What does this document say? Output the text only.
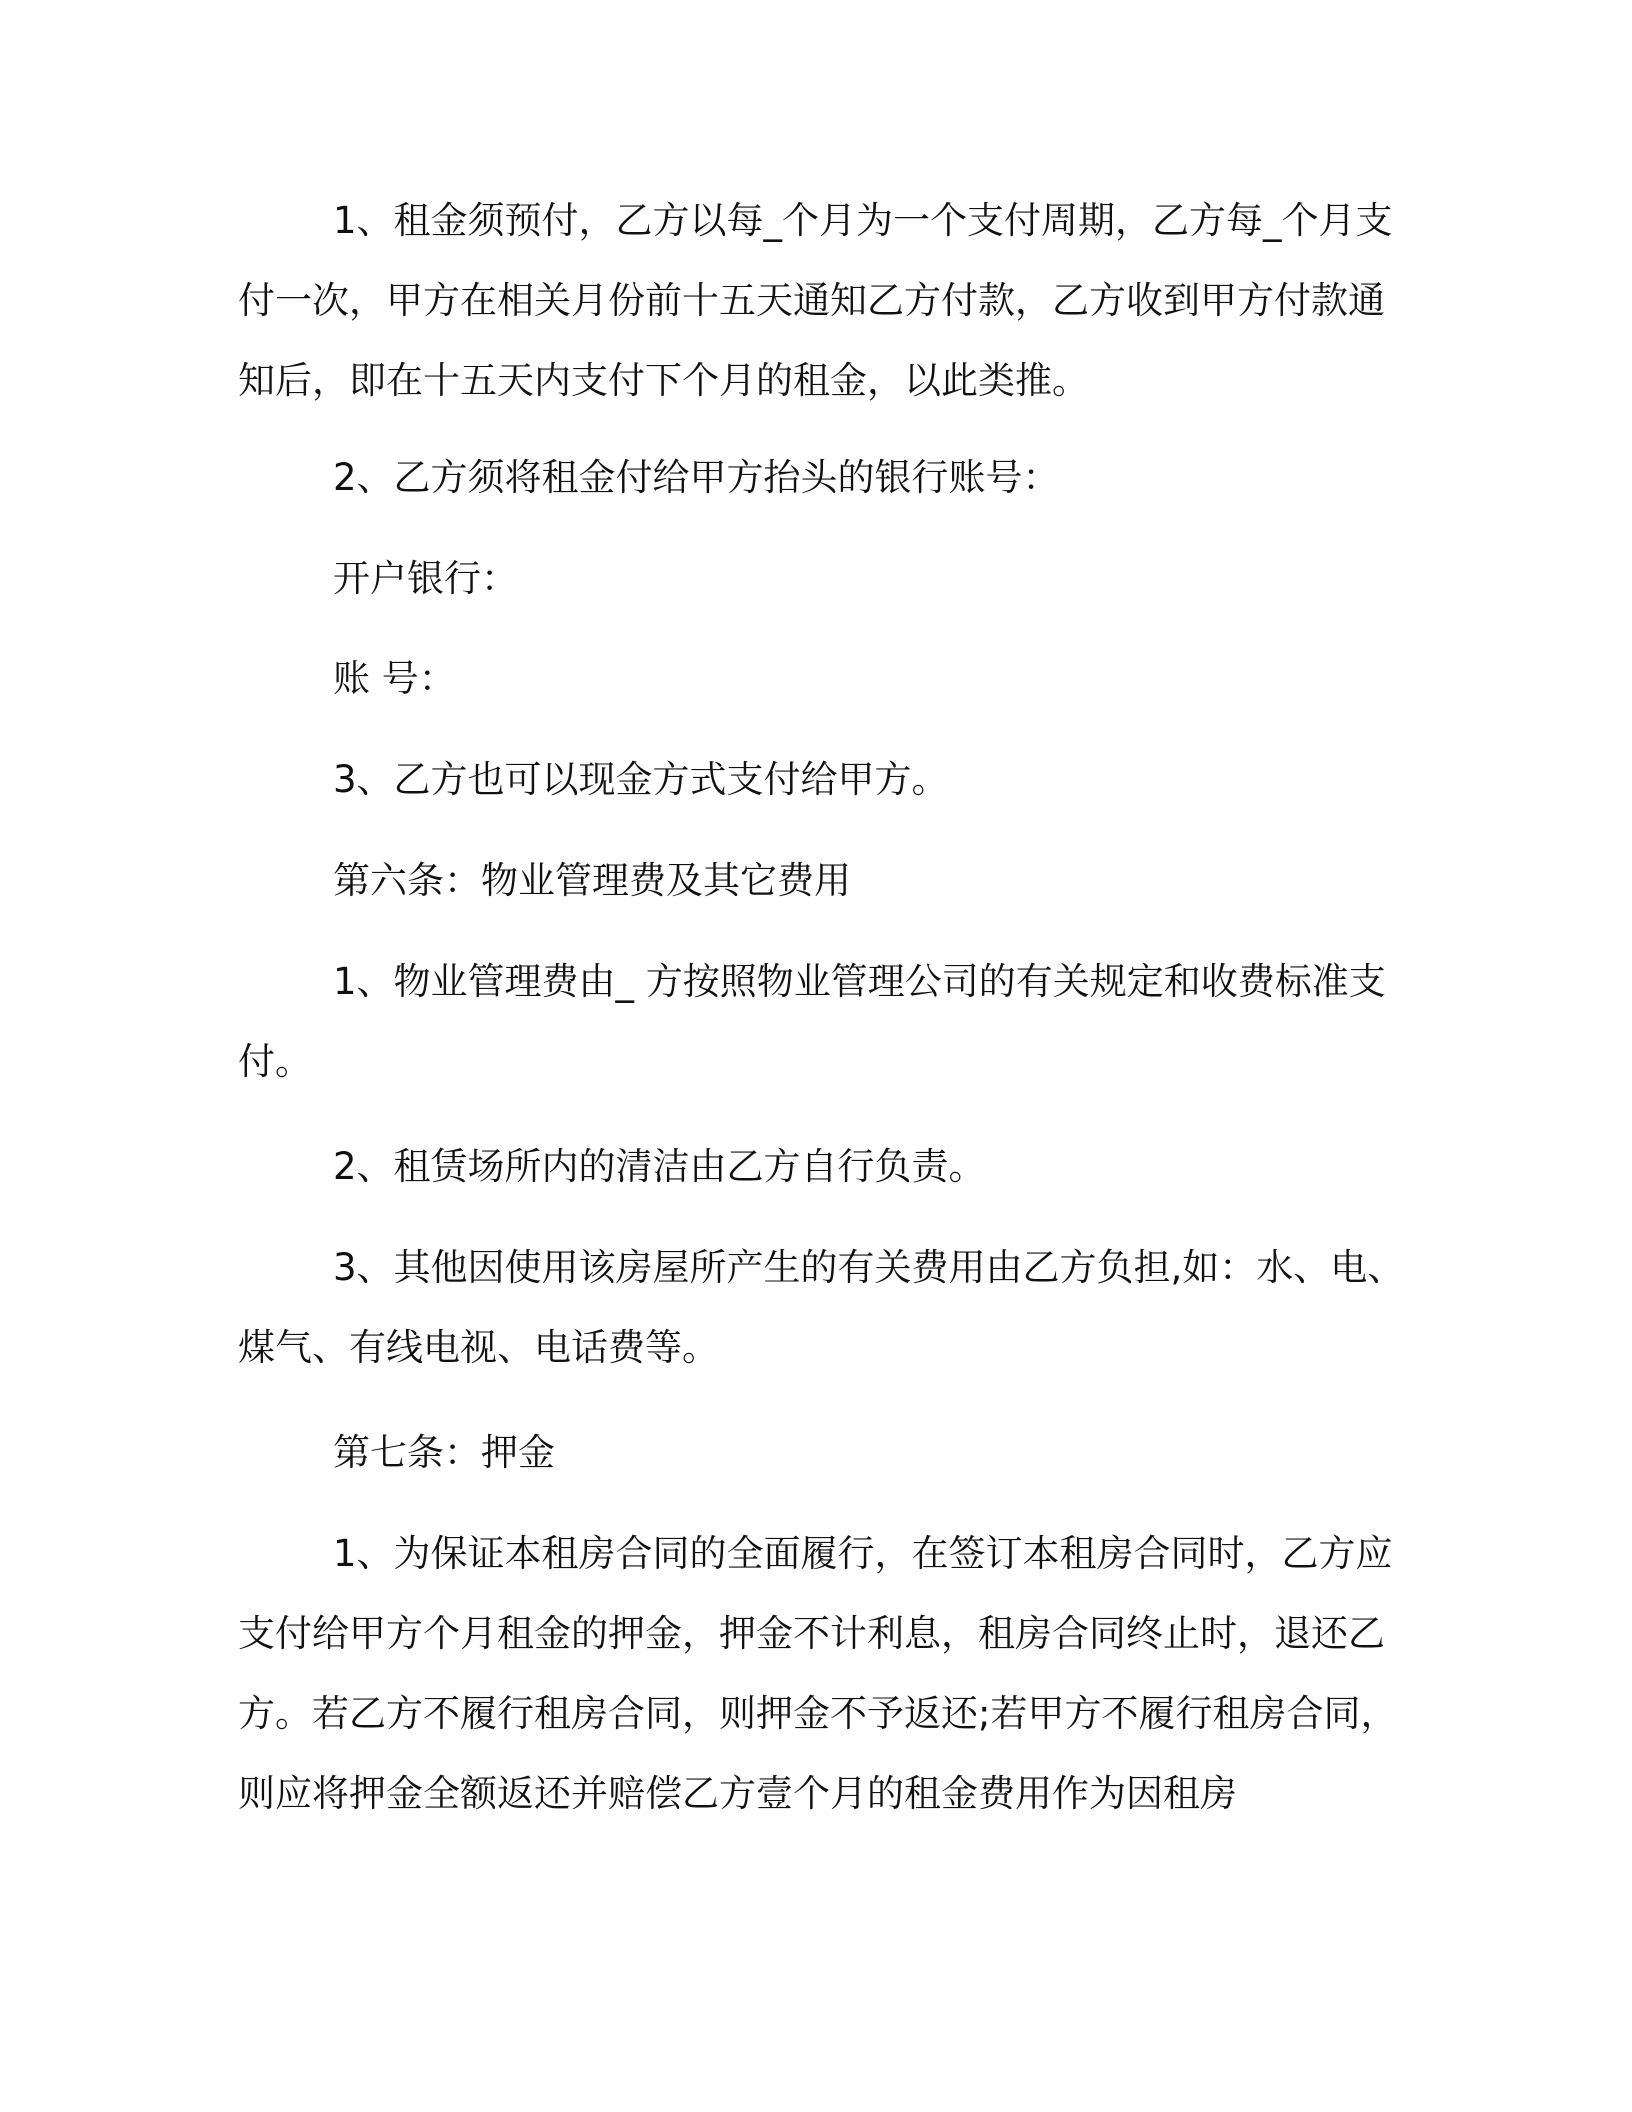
1、租金须预付，乙方以每_个月为一个支付周期，乙方每_个月支付一次，甲方在相关月份前十五天通知乙方付款，乙方收到甲方付款通知后，即在十五天内支付下个月的租金，以此类推。

2、乙方须将租金付给甲方抬头的银行账号：

开户银行：

账 号：

3、乙方也可以现金方式支付给甲方。

第六条：物业管理费及其它费用

1、物业管理费由_ 方按照物业管理公司的有关规定和收费标准支付。

2、租赁场所内的清洁由乙方自行负责。

3、其他因使用该房屋所产生的有关费用由乙方负担,如：水、电、煤气、有线电视、电话费等。

第七条：押金

1、为保证本租房合同的全面履行，在签订本租房合同时，乙方应支付给甲方个月租金的押金，押金不计利息，租房合同终止时，退还乙方。若乙方不履行租房合同，则押金不予返还;若甲方不履行租房合同，则应将押金全额返还并赔偿乙方壹个月的租金费用作为因租房
